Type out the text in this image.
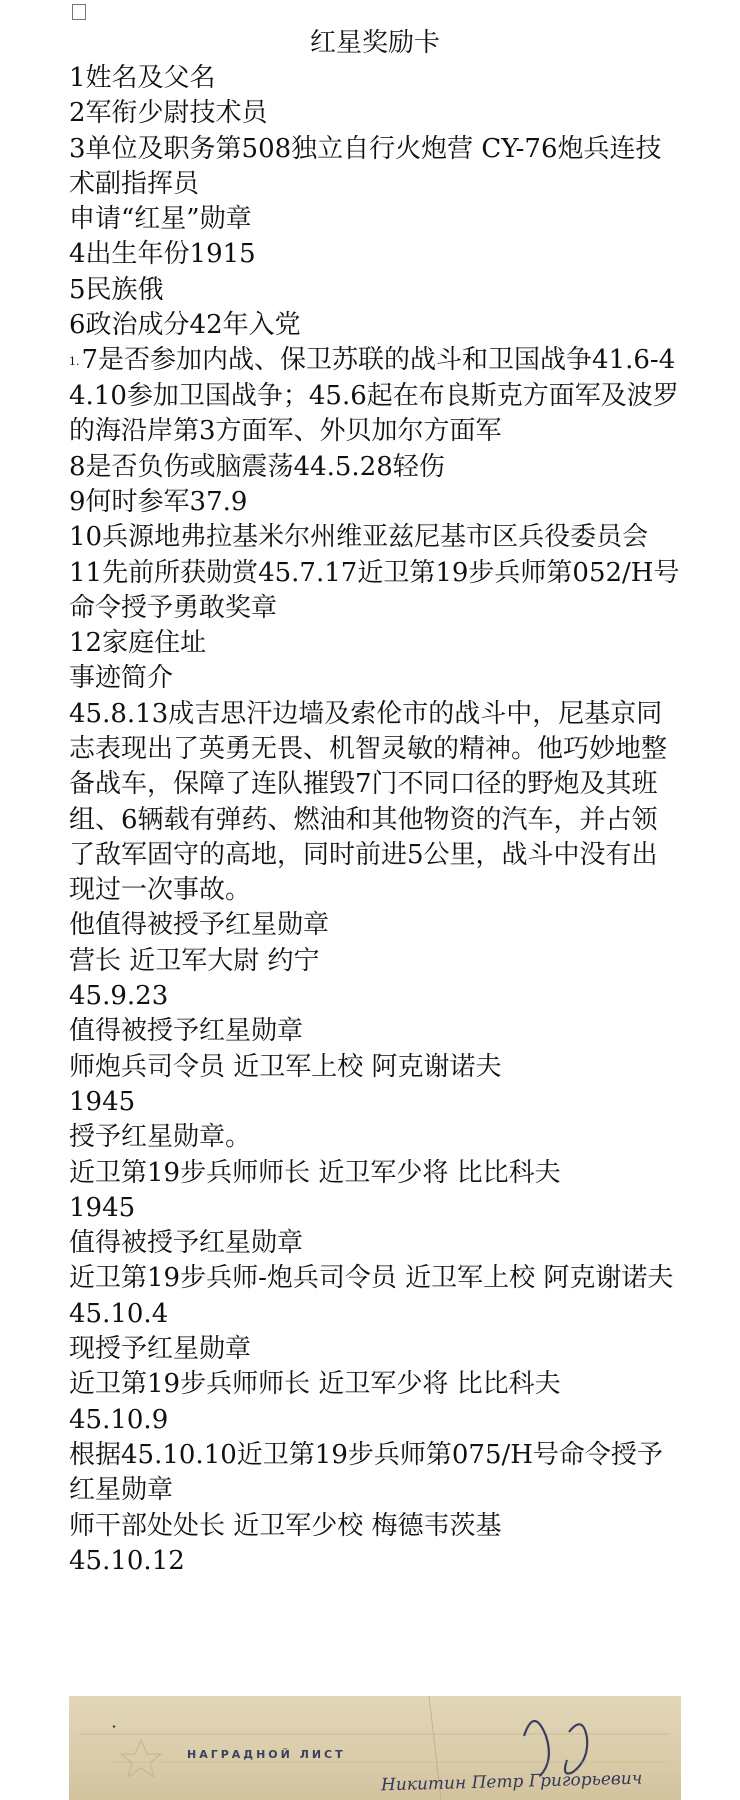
红星奖励卡
1姓名及父名
2军衔少尉技术员
3单位及职务第508独立自行火炮营 CY-76炮兵连技术副指挥员
申请“红星”勋章
4出生年份1915
5民族俄
6政治成分42年入党
1.7是否参加内战、保卫苏联的战斗和卫国战争41.6-44.10参加卫国战争；45.6起在布良斯克方面军及波罗的海沿岸第3方面军、外贝加尔方面军
8是否负伤或脑震荡44.5.28轻伤
9何时参军37.9
10兵源地弗拉基米尔州维亚兹尼基市区兵役委员会
11先前所获勋赏45.7.17近卫第19步兵师第052/H号命令授予勇敢奖章
12家庭住址
事迹简介
45.8.13成吉思汗边墙及索伦市的战斗中，尼基京同志表现出了英勇无畏、机智灵敏的精神。他巧妙地整备战车，保障了连队摧毁7门不同口径的野炮及其班组、6辆载有弹药、燃油和其他物资的汽车，并占领了敌军固守的高地，同时前进5公里，战斗中没有出现过一次事故。
他值得被授予红星勋章
营长 近卫军大尉 约宁
45.9.23
值得被授予红星勋章
师炮兵司令员 近卫军上校 阿克谢诺夫
1945
授予红星勋章。
近卫第19步兵师师长 近卫军少将 比比科夫
1945
值得被授予红星勋章
近卫第19步兵师-炮兵司令员 近卫军上校 阿克谢诺夫
45.10.4
现授予红星勋章
近卫第19步兵师师长 近卫军少将 比比科夫
45.10.9
根据45.10.10近卫第19步兵师第075/H号命令授予红星勋章
师干部处处长 近卫军少校 梅德韦茨基
45.10.12
НАГРАДНОЙ ЛИСТ
Никитин Петр Григорьевич
